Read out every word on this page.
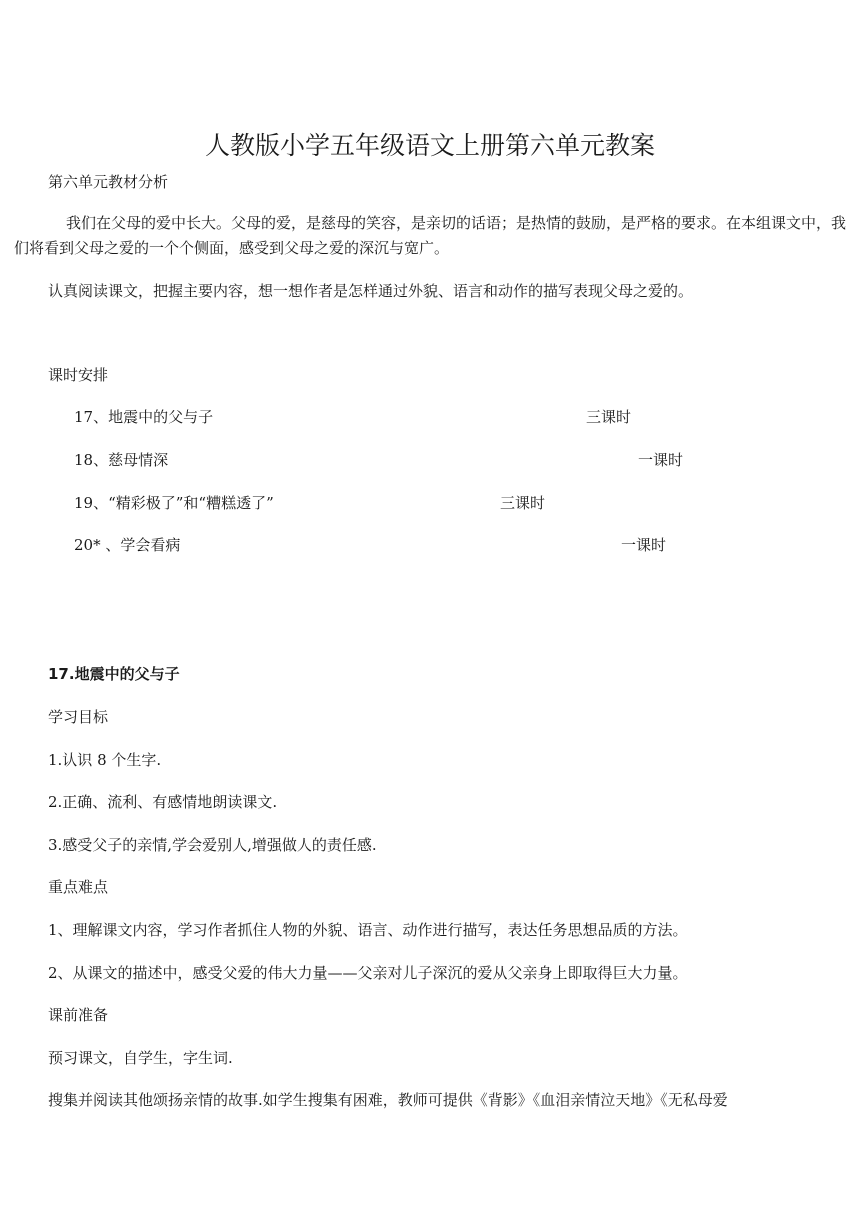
人教版小学五年级语文上册第六单元教案

第六单元教材分析

我们在父母的爱中长大。父母的爱，是慈母的笑容，是亲切的话语；是热情的鼓励，是严格的要求。在本组课文中，我们将看到父母之爱的一个个侧面，感受到父母之爱的深沉与宽广。

认真阅读课文，把握主要内容，想一想作者是怎样通过外貌、语言和动作的描写表现父母之爱的。

课时安排

17、地震中的父与子	三课时

18、慈母情深	一课时

19、“精彩极了”和“糟糕透了”	三课时

20* 、学会看病	一课时

17.地震中的父与子

学习目标

1.认识 8 个生字.

2.正确、流利、有感情地朗读课文.

3.感受父子的亲情,学会爱别人,增强做人的责任感.

重点难点

1、理解课文内容，学习作者抓住人物的外貌、语言、动作进行描写，表达任务思想品质的方法。

2、从课文的描述中，感受父爱的伟大力量——父亲对儿子深沉的爱从父亲身上即取得巨大力量。

课前准备

预习课文，自学生，字生词.

搜集并阅读其他颂扬亲情的故事.如学生搜集有困难，教师可提供《背影》《血泪亲情泣天地》《无私母爱
